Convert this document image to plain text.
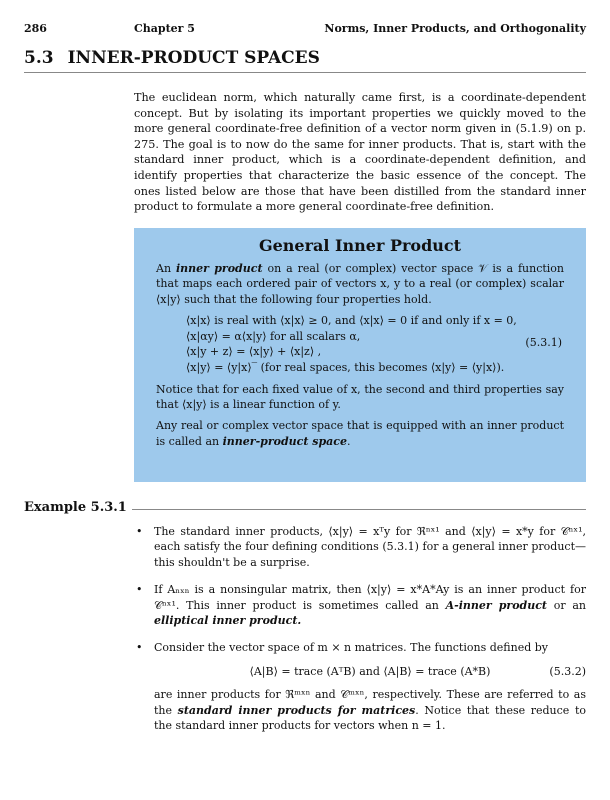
286	Chapter 5	Norms, Inner Products, and Orthogonality
5.3 INNER-PRODUCT SPACES
The euclidean norm, which naturally came first, is a coordinate-dependent concept. But by isolating its important properties we quickly moved to the more general coordinate-free definition of a vector norm given in (5.1.9) on p. 275. The goal is to now do the same for inner products. That is, start with the standard inner product, which is a coordinate-dependent definition, and identify properties that characterize the basic essence of the concept. The ones listed below are those that have been distilled from the standard inner product to formulate a more general coordinate-free definition.
General Inner Product

An inner product on a real (or complex) vector space 𝒱 is a function that maps each ordered pair of vectors x, y to a real (or complex) scalar ⟨x|y⟩ such that the following four properties hold.

⟨x|x⟩ is real with ⟨x|x⟩ ≥ 0, and ⟨x|x⟩ = 0 if and only if x = 0,
⟨x|αy⟩ = α⟨x|y⟩ for all scalars α,
⟨x|y + z⟩ = ⟨x|y⟩ + ⟨x|z⟩ ,
⟨x|y⟩ = ⟨y|x⟩‾ (for real spaces, this becomes ⟨x|y⟩ = ⟨y|x⟩).
(5.3.1)

Notice that for each fixed value of x, the second and third properties say that ⟨x|y⟩ is a linear function of y.

Any real or complex vector space that is equipped with an inner product is called an inner-product space.

Example 5.3.1
• The standard inner products, ⟨x|y⟩ = xᵀy for ℜⁿˣ¹ and ⟨x|y⟩ = x*y for 𝒞ⁿˣ¹, each satisfy the four defining conditions (5.3.1) for a general inner product—this shouldn't be a surprise.
• If Aₙₓₙ is a nonsingular matrix, then ⟨x|y⟩ = x*A*Ay is an inner product for 𝒞ⁿˣ¹. This inner product is sometimes called an A-inner product or an elliptical inner product.
• Consider the vector space of m × n matrices. The functions defined by
⟨A|B⟩ = trace (AᵀB) and ⟨A|B⟩ = trace (A*B)	(5.3.2)
are inner products for ℜᵐˣⁿ and 𝒞ᵐˣⁿ, respectively. These are referred to as the standard inner products for matrices. Notice that these reduce to the standard inner products for vectors when n = 1.
